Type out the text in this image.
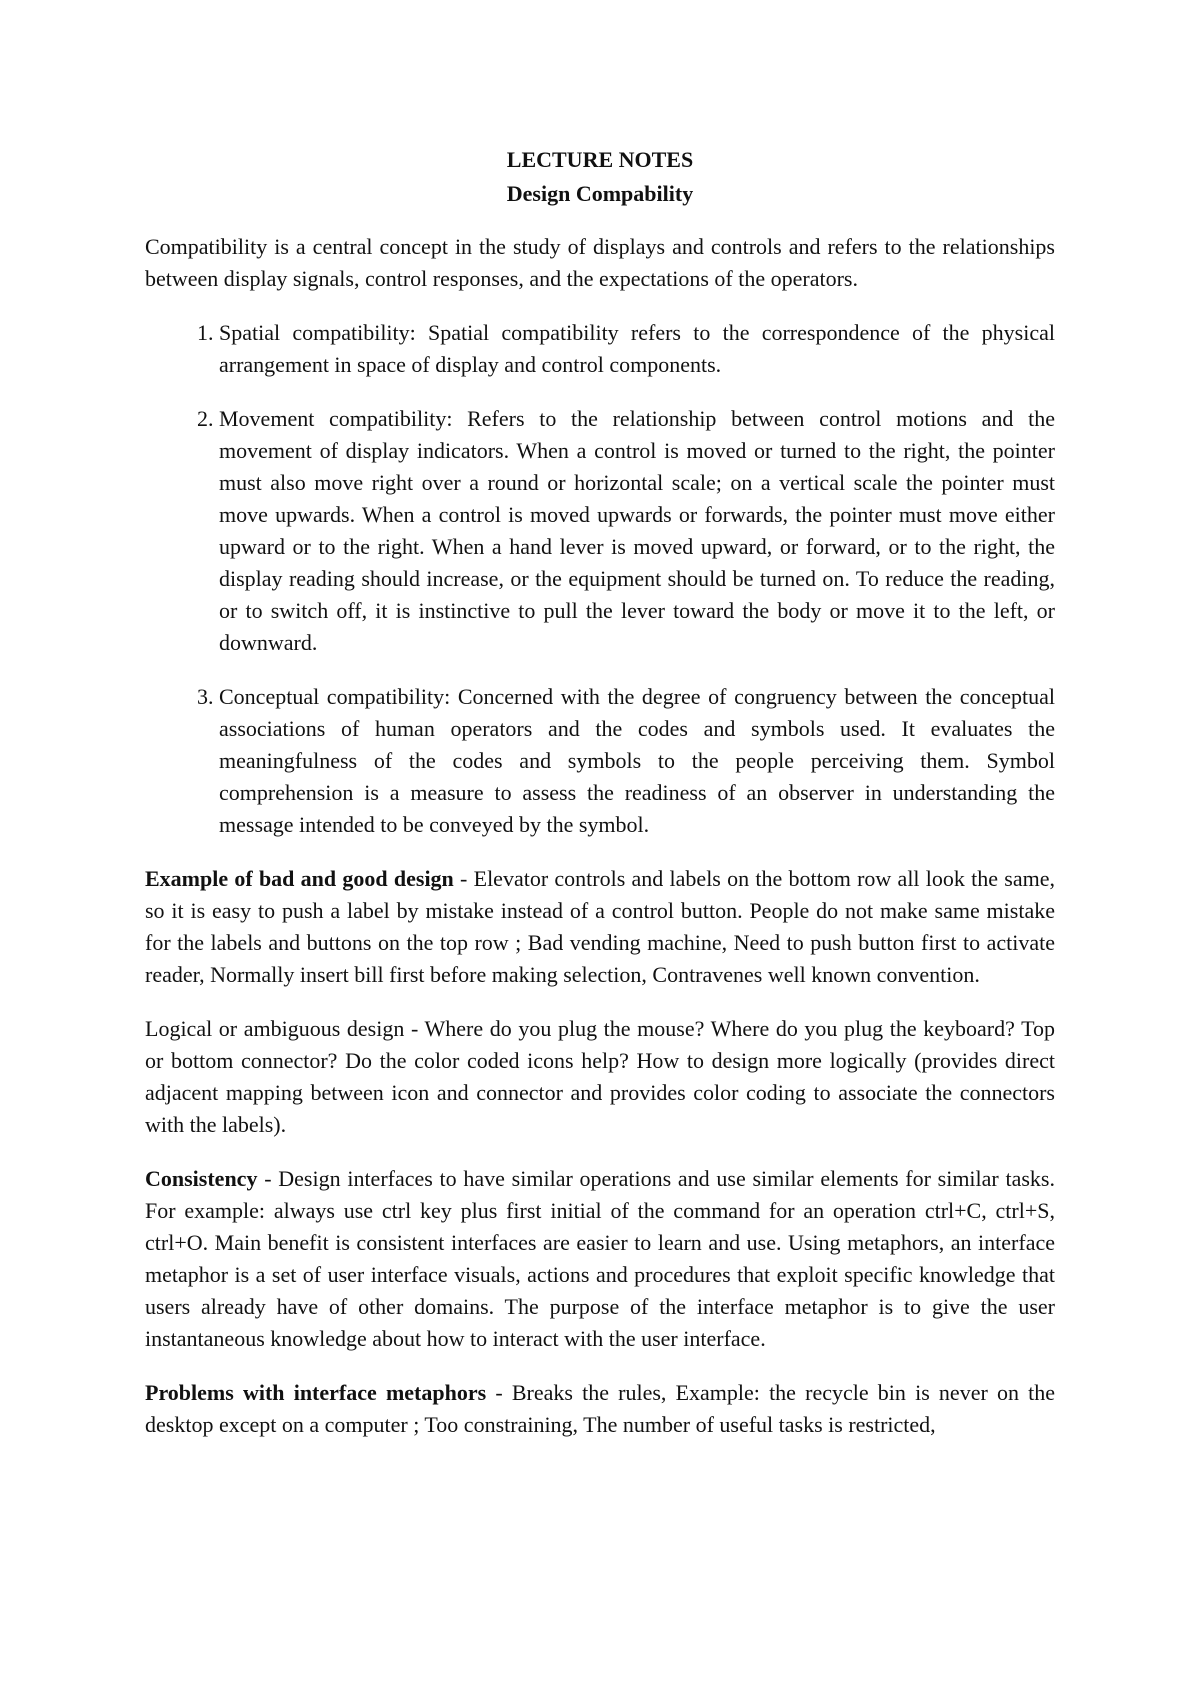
LECTURE NOTES
Design Compability

Compatibility is a central concept in the study of displays and controls and refers to the relationships between display signals, control responses, and the expectations of the operators.

1. Spatial compatibility: Spatial compatibility refers to the correspondence of the physical arrangement in space of display and control components.
2. Movement compatibility: Refers to the relationship between control motions and the movement of display indicators. When a control is moved or turned to the right, the pointer must also move right over a round or horizontal scale; on a vertical scale the pointer must move upwards. When a control is moved upwards or forwards, the pointer must move either upward or to the right. When a hand lever is moved upward, or forward, or to the right, the display reading should increase, or the equipment should be turned on. To reduce the reading, or to switch off, it is instinctive to pull the lever toward the body or move it to the left, or downward.
3. Conceptual compatibility: Concerned with the degree of congruency between the conceptual associations of human operators and the codes and symbols used. It evaluates the meaningfulness of the codes and symbols to the people perceiving them. Symbol comprehension is a measure to assess the readiness of an observer in understanding the message intended to be conveyed by the symbol.

Example of bad and good design - Elevator controls and labels on the bottom row all look the same, so it is easy to push a label by mistake instead of a control button. People do not make same mistake for the labels and buttons on the top row ; Bad vending machine, Need to push button first to activate reader, Normally insert bill first before making selection, Contravenes well known convention.

Logical or ambiguous design - Where do you plug the mouse? Where do you plug the keyboard? Top or bottom connector? Do the color coded icons help? How to design more logically (provides direct adjacent mapping between icon and connector and provides color coding to associate the connectors with the labels).

Consistency - Design interfaces to have similar operations and use similar elements for similar tasks. For example: always use ctrl key plus first initial of the command for an operation ctrl+C, ctrl+S, ctrl+O. Main benefit is consistent interfaces are easier to learn and use. Using metaphors, an interface metaphor is a set of user interface visuals, actions and procedures that exploit specific knowledge that users already have of other domains. The purpose of the interface metaphor is to give the user instantaneous knowledge about how to interact with the user interface.

Problems with interface metaphors - Breaks the rules, Example: the recycle bin is never on the desktop except on a computer ; Too constraining, The number of useful tasks is restricted,
